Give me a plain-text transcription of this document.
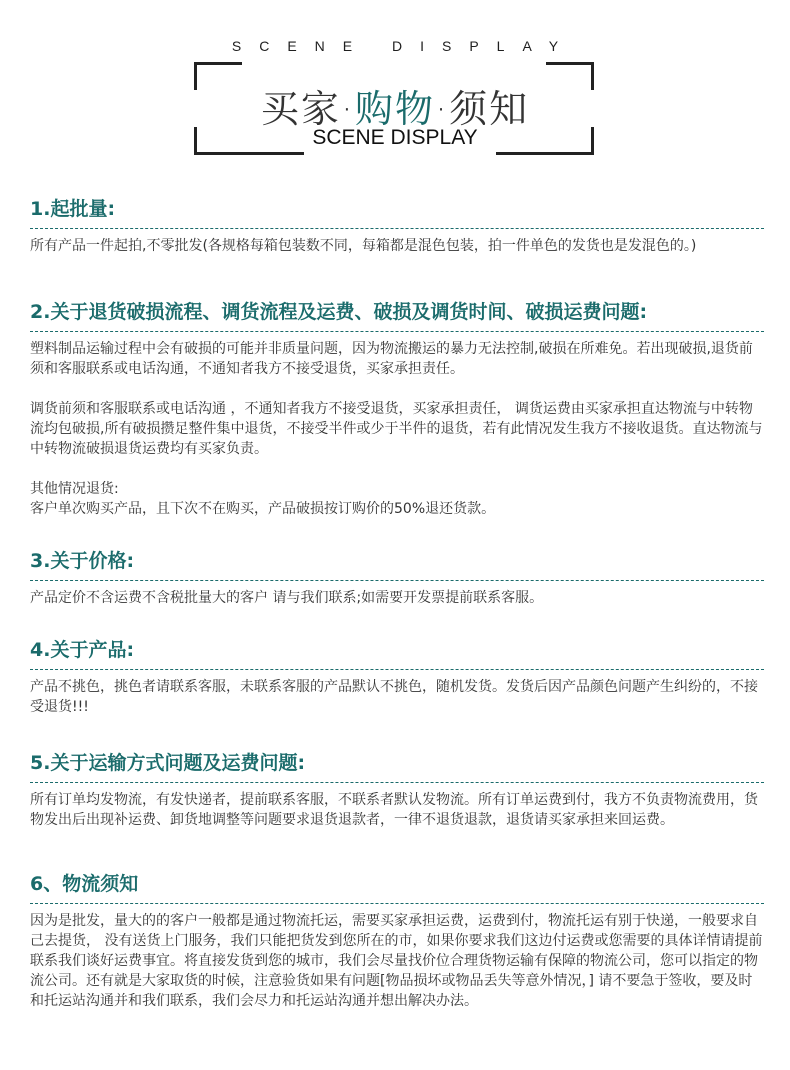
SCENE DISPLAY
买家·购物·须知
SCENE DISPLAY
1.起批量:

所有产品一件起拍,不零批发(各规格每箱包装数不同，每箱都是混色包装，拍一件单色的发货也是发混色的。)

2.关于退货破损流程、调货流程及运费、破损及调货时间、破损运费问题:

塑料制品运输过程中会有破损的可能并非质量问题，因为物流搬运的暴力无法控制,破损在所难免。若出现破损,退货前须和客服联系或电话沟通，不通知者我方不接受退货，买家承担责任。

调货前须和客服联系或电话沟通 ，不通知者我方不接受退货，买家承担责任， 调货运费由买家承担直达物流与中转物流均包破损,所有破损攒足整件集中退货，不接受半件或少于半件的退货，若有此情况发生我方不接收退货。直达物流与中转物流破损退货运费均有买家负责。

其他情况退货:
客户单次购买产品，且下次不在购买，产品破损按订购价的50%退还货款。

3.关于价格:

产品定价不含运费不含税批量大的客户 请与我们联系;如需要开发票提前联系客服。

4.关于产品:

产品不挑色，挑色者请联系客服，未联系客服的产品默认不挑色，随机发货。发货后因产品颜色问题产生纠纷的，不接受退货!!!

5.关于运输方式问题及运费问题:

所有订单均发物流，有发快递者，提前联系客服，不联系者默认发物流。所有订单运费到付，我方不负责物流费用，货物发出后出现补运费、卸货地调整等问题要求退货退款者，一律不退货退款，退货请买家承担来回运费。

6、物流须知

因为是批发，量大的的客户一般都是通过物流托运，需要买家承担运费，运费到付，物流托运有别于快递，一般要求自己去提货， 没有送货上门服务，我们只能把货发到您所在的市，如果你要求我们这边付运费或您需要的具体详情请提前联系我们谈好运费事宜。将直接发货到您的城市，我们会尽量找价位合理货物运输有保障的物流公司，您可以指定的物流公司。还有就是大家取货的时候，注意验货如果有问题[物品损坏或物品丢失等意外情况，] 请不要急于签收，要及时和托运站沟通并和我们联系，我们会尽力和托运站沟通并想出解决办法。
